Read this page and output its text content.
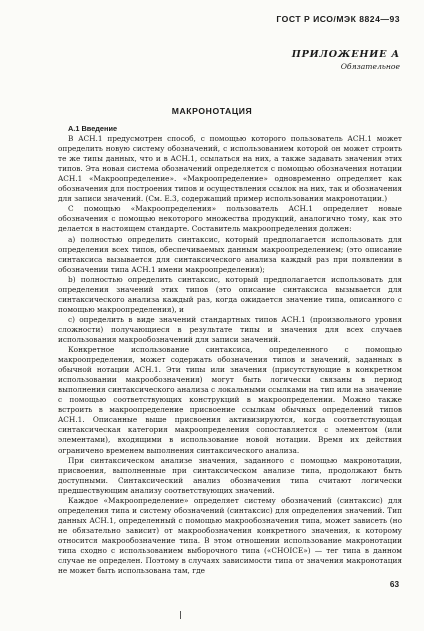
ГОСТ Р ИСО/МЭК 8824—93
ПРИЛОЖЕНИЕ А
Обязательное
МАКРОНОТАЦИЯ
А.1 Введение

В ACH.1 предусмотрен способ, с помощью которого пользователь ACH.1 может определить новую систему обозначений, с использованием которой он может строить те же типы данных, что и в ACH.1, ссылаться на них, а также задавать значения этих типов. Эта новая система обозначений определяется с помощью обозначения нотации ACH.1 «Макроопределение». «Макроопределение» одновременно определяет как обозначения для построения типов и осуществления ссылок на них, так и обозначения для записи значений. (См. Е.3, содержащий пример использования макронотации.)

С помощью «Макроопределения» пользователь ACH.1 определяет новые обозначения с помощью некоторого множества продукций, аналогично тому, как это делается в настоящем стандарте. Составитель макроопределения должен:

а) полностью определить синтаксис, который предполагается использовать для определения всех типов, обеспечиваемых данным макроопределением; (это описание синтаксиса вызывается для синтаксического анализа каждый раз при появлении в обозначении типа ACH.1 имени макроопределения);

b) полностью определить синтаксис, который предполагается использовать для определения значений этих типов (это описание синтаксиса вызывается для синтаксического анализа каждый раз, когда ожидается значение типа, описанного с помощью макроопределения), и

с) определить в виде значений стандартных типов ACH.1 (произвольного уровня сложности) получающиеся в результате типы и значения для всех случаев использования макрообозначений для записи значений.

Конкретное использование синтаксиса, определенного с помощью макроопределения, может содержать обозначения типов и значений, заданных в обычной нотации ACH.1. Эти типы или значения (присутствующие в конкретном использовании макрообозначения) могут быть логически связаны в период выполнения синтаксического анализа с локальными ссылками на тип или на значение с помощью соответствующих конструкций в макроопределении. Можно также встроить в макроопределение присвоение ссылкам обычных определений типов ACH.1. Описанные выше присвоения активизируются, когда соответствующая синтаксическая категория макроопределения сопоставляется с элементом (или элементами), входящими в использование новой нотации. Время их действия ограничено временем выполнения синтаксического анализа.

При синтаксическом анализе значения, заданного с помощью макронотации, присвоения, выполненные при синтаксическом анализе типа, продолжают быть доступными. Синтаксический анализ обозначения типа считают логически предшествующим анализу соответствующих значений.

Каждое «Макроопределение» определяет систему обозначений (синтаксис) для определения типа и систему обозначений (синтаксис) для определения значений. Тип данных ACH.1, определенный с помощью макрообозначения типа, может зависеть (но не обязательно зависит) от макрообозначения конкретного значения, к которому относится макрообозначение типа. В этом отношении использование макронотации типа сходно с использованием выборочного типа («CHOICE») — тег типа в данном случае не определен. Поэтому в случаях зависимости типа от значения макронотация не может быть использована там, где

63
